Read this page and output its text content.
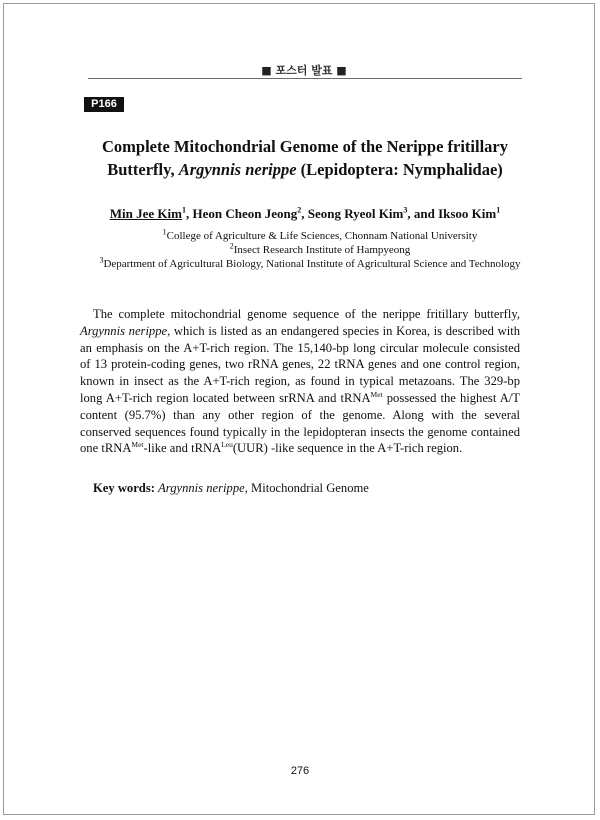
■ 포스터 발표 ■
P166
Complete Mitochondrial Genome of the Nerippe fritillary
Butterfly, Argynnis nerippe (Lepidoptera: Nymphalidae)
Min Jee Kim$^1$, Heon Cheon Jeong$^2$, Seong Ryeol Kim$^3$, and Iksoo Kim$^1$
$^1$College of Agriculture & Life Sciences, Chonnam National University
$^2$Insect Research Institute of Hampyeong
$^3$Department of Agricultural Biology, National Institute of Agricultural Science and Technology

The complete mitochondrial genome sequence of the nerippe fritillary butterfly, Argynnis nerippe, which is listed as an endangered species in Korea, is described with an emphasis on the A+T-rich region. The 15,140-bp long circular molecule consisted of 13 protein-coding genes, two rRNA genes, 22 tRNA genes and one control region, known in insect as the A+T-rich region, as found in typical metazoans. The 329-bp long A+T-rich region located between srRNA and tRNA$^{Met}$ possessed the highest A/T content (95.7%) than any other region of the genome. Along with the several conserved sequences found typically in the lepidopteran insects the genome contained one tRNA$^{Met}$-like and tRNA$^{Leu}$(UUR) -like sequence in the A+T-rich region.

Key words: Argynnis nerippe, Mitochondrial Genome
276
